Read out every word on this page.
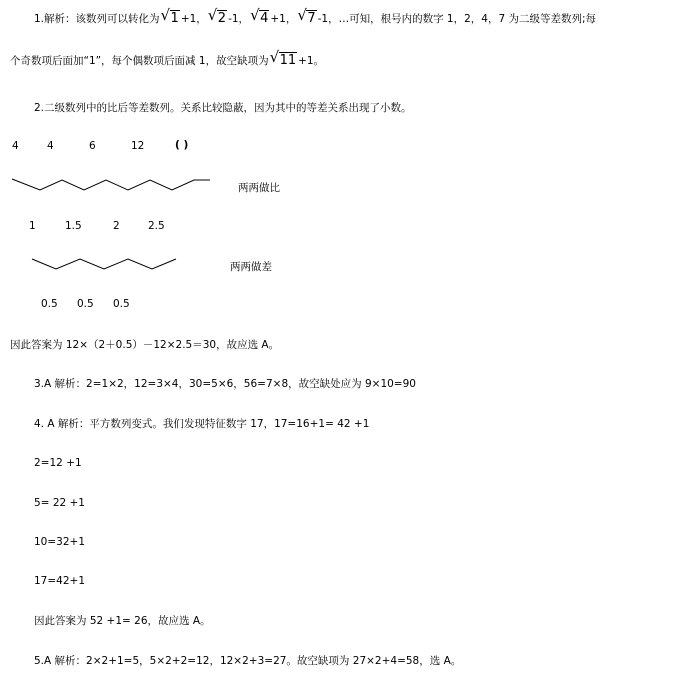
1.解析：该数列可以转化为 √ 1 +1， √ 2 -1， √ 4 +1， √ 7 -1，…可知，根号内的数字 1，2，4，7 为二级等差数列;每
个奇数项后面加“1”，每个偶数项后面减 1，故空缺项为 √ 11 +1。
2.二级数列中的比后等差数列。关系比较隐蔽，因为其中的等差关系出现了小数。
4	4	6	12	( )
两两做比
1	1.5	2	2.5
两两做差
0.5 0.5 0.5
因此答案为 12×（2＋0.5）－12×2.5＝30，故应选 A。
3.A 解析：2=1×2，12=3×4，30=5×6，56=7×8，故空缺处应为 9×10=90
4. A 解析：平方数列变式。我们发现特征数字 17，17=16+1= 42 +1
2=12 +1
5= 22 +1
10=32+1
17=42+1
因此答案为 52 +1= 26，故应选 A。
5.A 解析：2×2+1=5，5×2+2=12，12×2+3=27。故空缺项为 27×2+4=58，选 A。
